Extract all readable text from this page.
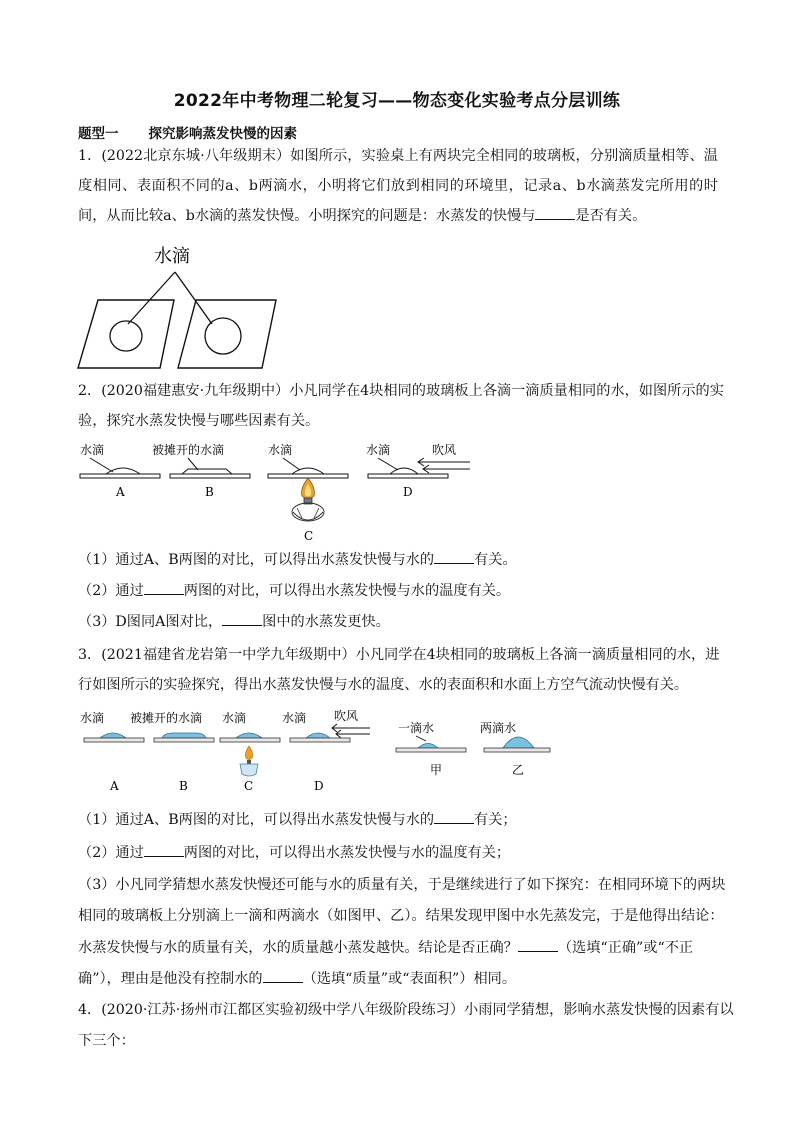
2022年中考物理二轮复习——物态变化实验考点分层训练
题型一 探究影响蒸发快慢的因素
1．(2022北京东城·八年级期末）如图所示，实验桌上有两块完全相同的玻璃板，分别滴质量相等、温度相同、表面积不同的a、b两滴水，小明将它们放到相同的环境里，记录a、b水滴蒸发完所用的时间，从而比较a、b水滴的蒸发快慢。小明探究的问题是：水蒸发的快慢与	是否有关。
水滴
2．(2020福建惠安·九年级期中）小凡同学在4块相同的玻璃板上各滴一滴质量相同的水，如图所示的实
验，探究水蒸发快慢与哪些因素有关。
水滴
A
被摊开的水滴
B
水滴
C
水滴	吹风
D
（1）通过A、B两图的对比，可以得出水蒸发快慢与水的	有关。
（2）通过	两图的对比，可以得出水蒸发快慢与水的温度有关。
（3）D图同A图对比，	图中的水蒸发更快。
3．(2021福建省龙岩第一中学九年级期中）小凡同学在4块相同的玻璃板上各滴一滴质量相同的水，进
行如图所示的实验探究，得出水蒸发快慢与水的温度、水的表面积和水面上方空气流动快慢有关。
水滴
A
被摊开的水滴
B
水滴
C
水滴 吹风
D
一滴水
甲
两滴水
乙
（1）通过A、B两图的对比，可以得出水蒸发快慢与水的	有关；
（2）通过	两图的对比，可以得出水蒸发快慢与水的温度有关；
（3）小凡同学猜想水蒸发快慢还可能与水的质量有关，于是继续进行了如下探究：在相同环境下的两块
相同的玻璃板上分别滴上一滴和两滴水（如图甲、乙）。结果发现甲图中水先蒸发完，于是他得出结论：
水蒸发快慢与水的质量有关，水的质量越小蒸发越快。结论是否正确？	（选填“正确”或“不正
确”），理由是他没有控制水的	（选填“质量”或“表面积”）相同。
4．(2020·江苏·扬州市江都区实验初级中学八年级阶段练习）小雨同学猜想，影响水蒸发快慢的因素有以
下三个：
